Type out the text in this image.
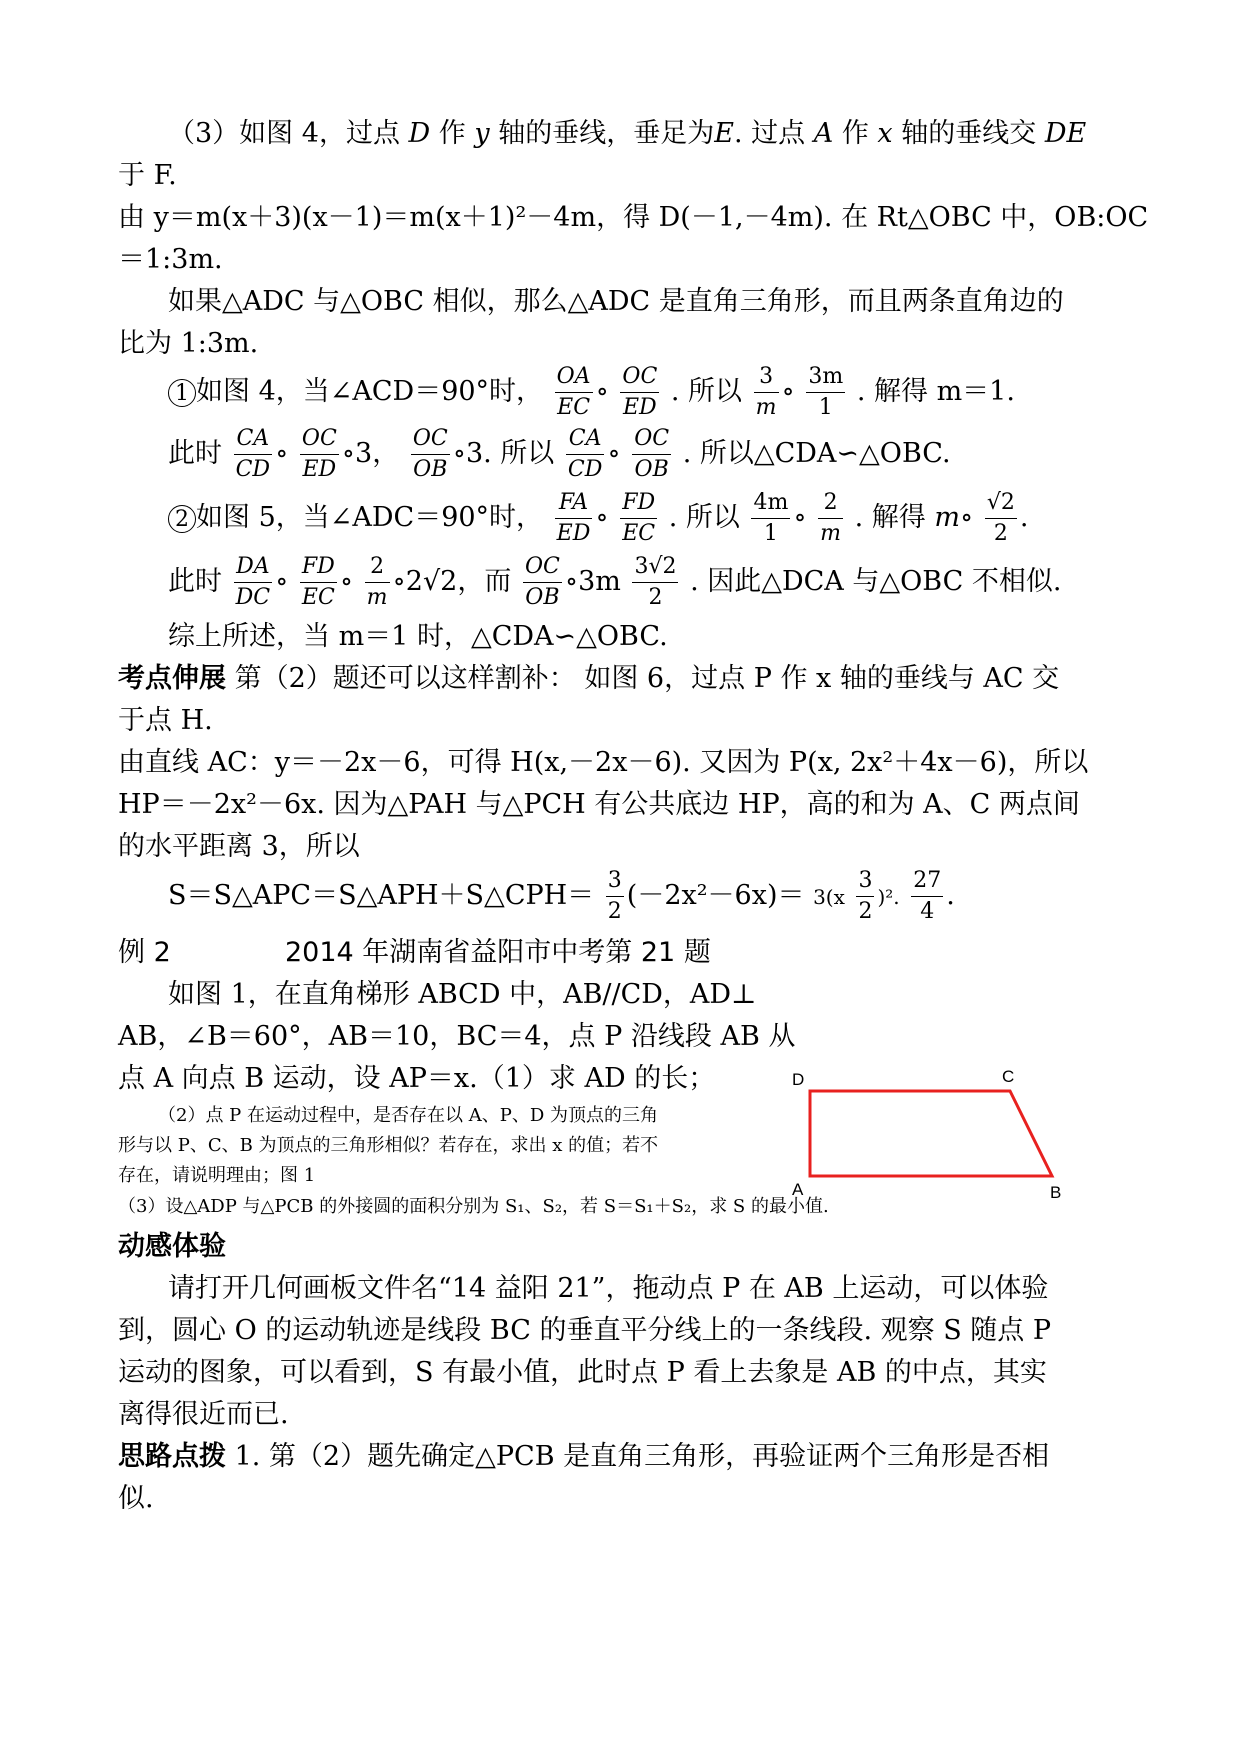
（3）如图 4，过点 D 作 y 轴的垂线，垂足为E. 过点 A 作 x 轴的垂线交 DE
于 F.
由 y＝m(x＋3)(x－1)＝m(x＋1)²－4m，得 D(－1,－4m). 在 Rt△OBC 中，OB:OC
＝1:3m.
如果△ADC 与△OBC 相似，那么△ADC 是直角三角形，而且两条直角边的
比为 1:3m.
1 如图 4，当∠ACD＝90°时， $\frac{OA}{EC}$ ∘ $\frac{OC}{ED}$ . 所以 $\frac{3}{m}$ ∘ $\frac{3m}{1}$ . 解得 m＝1.
此时 $\frac{CA}{CD}$ ∘ $\frac{OC}{ED}$ ∘3， $\frac{OC}{OB}$ ∘3. 所以 $\frac{CA}{CD}$ ∘ $\frac{OC}{OB}$ . 所以△CDA∽△OBC.
2 如图 5，当∠ADC＝90°时， $\frac{FA}{ED}$ ∘ $\frac{FD}{EC}$ . 所以 $\frac{4m}{1}$ ∘ $\frac{2}{m}$ . 解得 m∘ $\frac{√2}{2}$ .
此时 $\frac{DA}{DC}$ ∘ $\frac{FD}{EC}$ ∘ $\frac{2}{m}$ ∘2√2，而 $\frac{OC}{OB}$ ∘3m $\frac{3√2}{2}$ . 因此△DCA 与△OBC 不相似.
综上所述，当 m＝1 时，△CDA∽△OBC.
考点伸展 第（2）题还可以这样割补： 如图 6，过点 P 作 x 轴的垂线与 AC 交
于点 H.
由直线 AC：y＝－2x－6，可得 H(x,－2x－6). 又因为 P(x, 2x²＋4x－6)，所以
HP＝－2x²－6x. 因为△PAH 与△PCH 有公共底边 HP，高的和为 A、C 两点间
的水平距离 3，所以
S＝S△APC＝S△APH＋S△CPH＝ $\frac{3}{2} (-2x^2-6x)= 3(x \frac{3}{2} )^2$. $\frac{27}{4}$ .
例 2	2014 年湖南省益阳市中考第 21 题
如图 1，在直角梯形 ABCD 中，AB//CD，AD⊥
AB，∠B＝60°，AB＝10，BC＝4，点 P 沿线段 AB 从
点 A 向点 B 运动，设 AP＝x.（1）求 AD 的长；
（2）点 P 在运动过程中，是否存在以 A、P、D 为顶点的三角
形与以 P、C、B 为顶点的三角形相似？若存在，求出 x 的值；若不
存在，请说明理由；图 1
（3）设△ADP 与△PCB 的外接圆的面积分别为 S₁、S₂，若 S＝S₁＋S₂，求 S 的最小值.
动感体验
请打开几何画板文件名“14 益阳 21”，拖动点 P 在 AB 上运动，可以体验
到，圆心 O 的运动轨迹是线段 BC 的垂直平分线上的一条线段. 观察 S 随点 P
运动的图象，可以看到，S 有最小值，此时点 P 看上去象是 AB 的中点，其实
离得很近而已.
思路点拨 1. 第（2）题先确定△PCB 是直角三角形，再验证两个三角形是否相
似.
D	C
A	B
